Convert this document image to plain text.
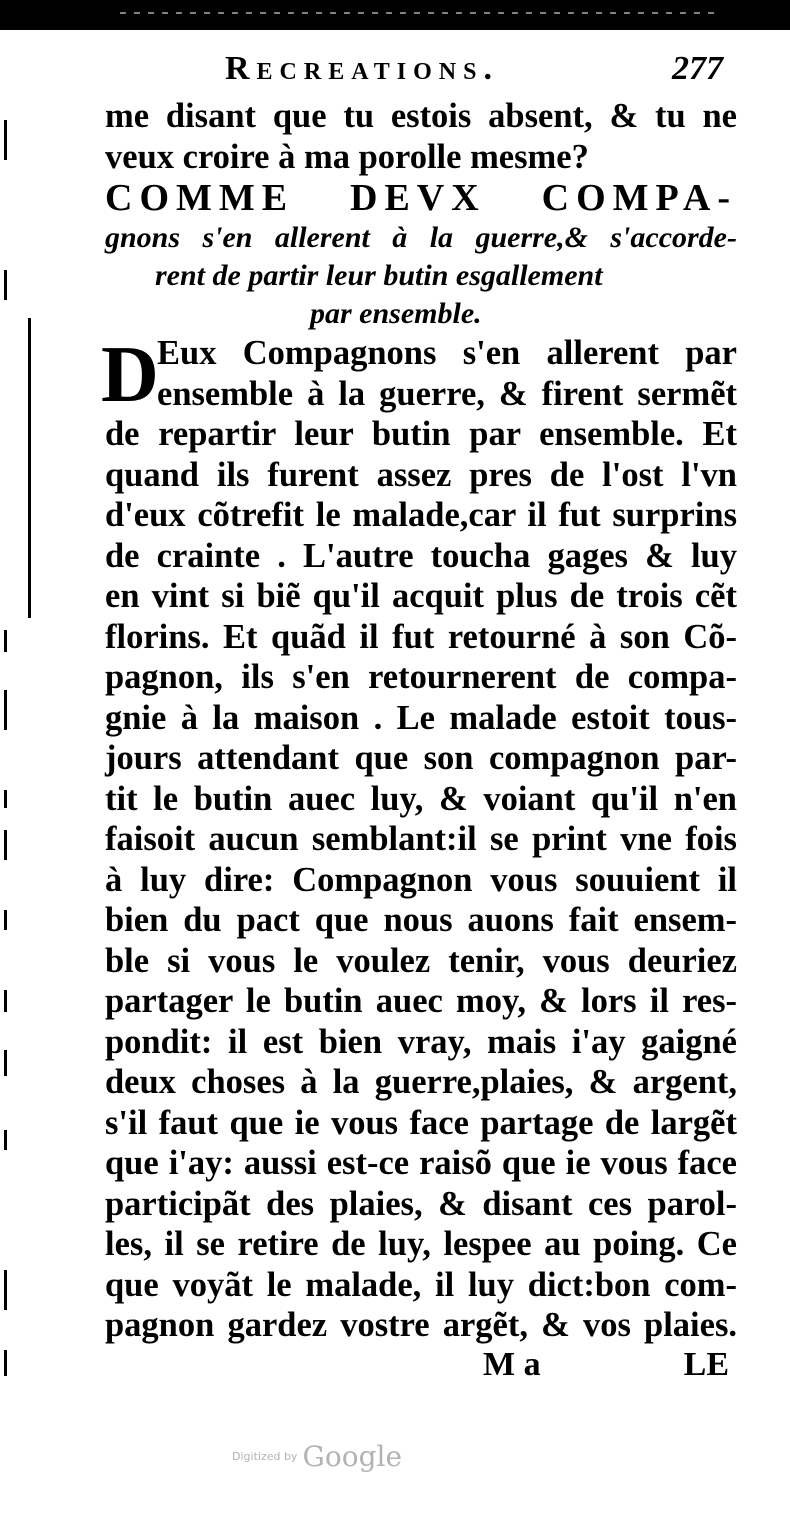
Recreations.	277
me disant que tu estois absent, & tu ne
veux croire à ma porolle mesme?
COMME DEVX COMPA-
gnons s'en allerent à la guerre,& s'accorde-
rent de partir leur butin esgallement
par ensemble.
D
Eux Compagnons s'en allerent par
ensemble à la guerre, & firent sermẽt
de repartir leur butin par ensemble. Et
quand ils furent assez pres de l'ost l'vn
d'eux cõtrefit le malade,car il fut surprins
de crainte . L'autre toucha gages & luy
en vint si biẽ qu'il acquit plus de trois cẽt
florins. Et quãd il fut retourné à son Cõ-
pagnon, ils s'en retournerent de compa-
gnie à la maison . Le malade estoit tous-
jours attendant que son compagnon par-
tit le butin auec luy, & voiant qu'il n'en
faisoit aucun semblant:il se print vne fois
à luy dire: Compagnon vous souuient il
bien du pact que nous auons fait ensem-
ble si vous le voulez tenir, vous deuriez
partager le butin auec moy, & lors il res-
pondit: il est bien vray, mais i'ay gaigné
deux choses à la guerre,plaies, & argent,
s'il faut que ie vous face partage de largẽt
que i'ay: aussi est-ce raisõ que ie vous face
participãt des plaies, & disant ces parol-
les, il se retire de luy, lespee au poing. Ce
que voyãt le malade, il luy dict:bon com-
pagnon gardez vostre argẽt, & vos plaies.
M a	LE
Digitized by Google
